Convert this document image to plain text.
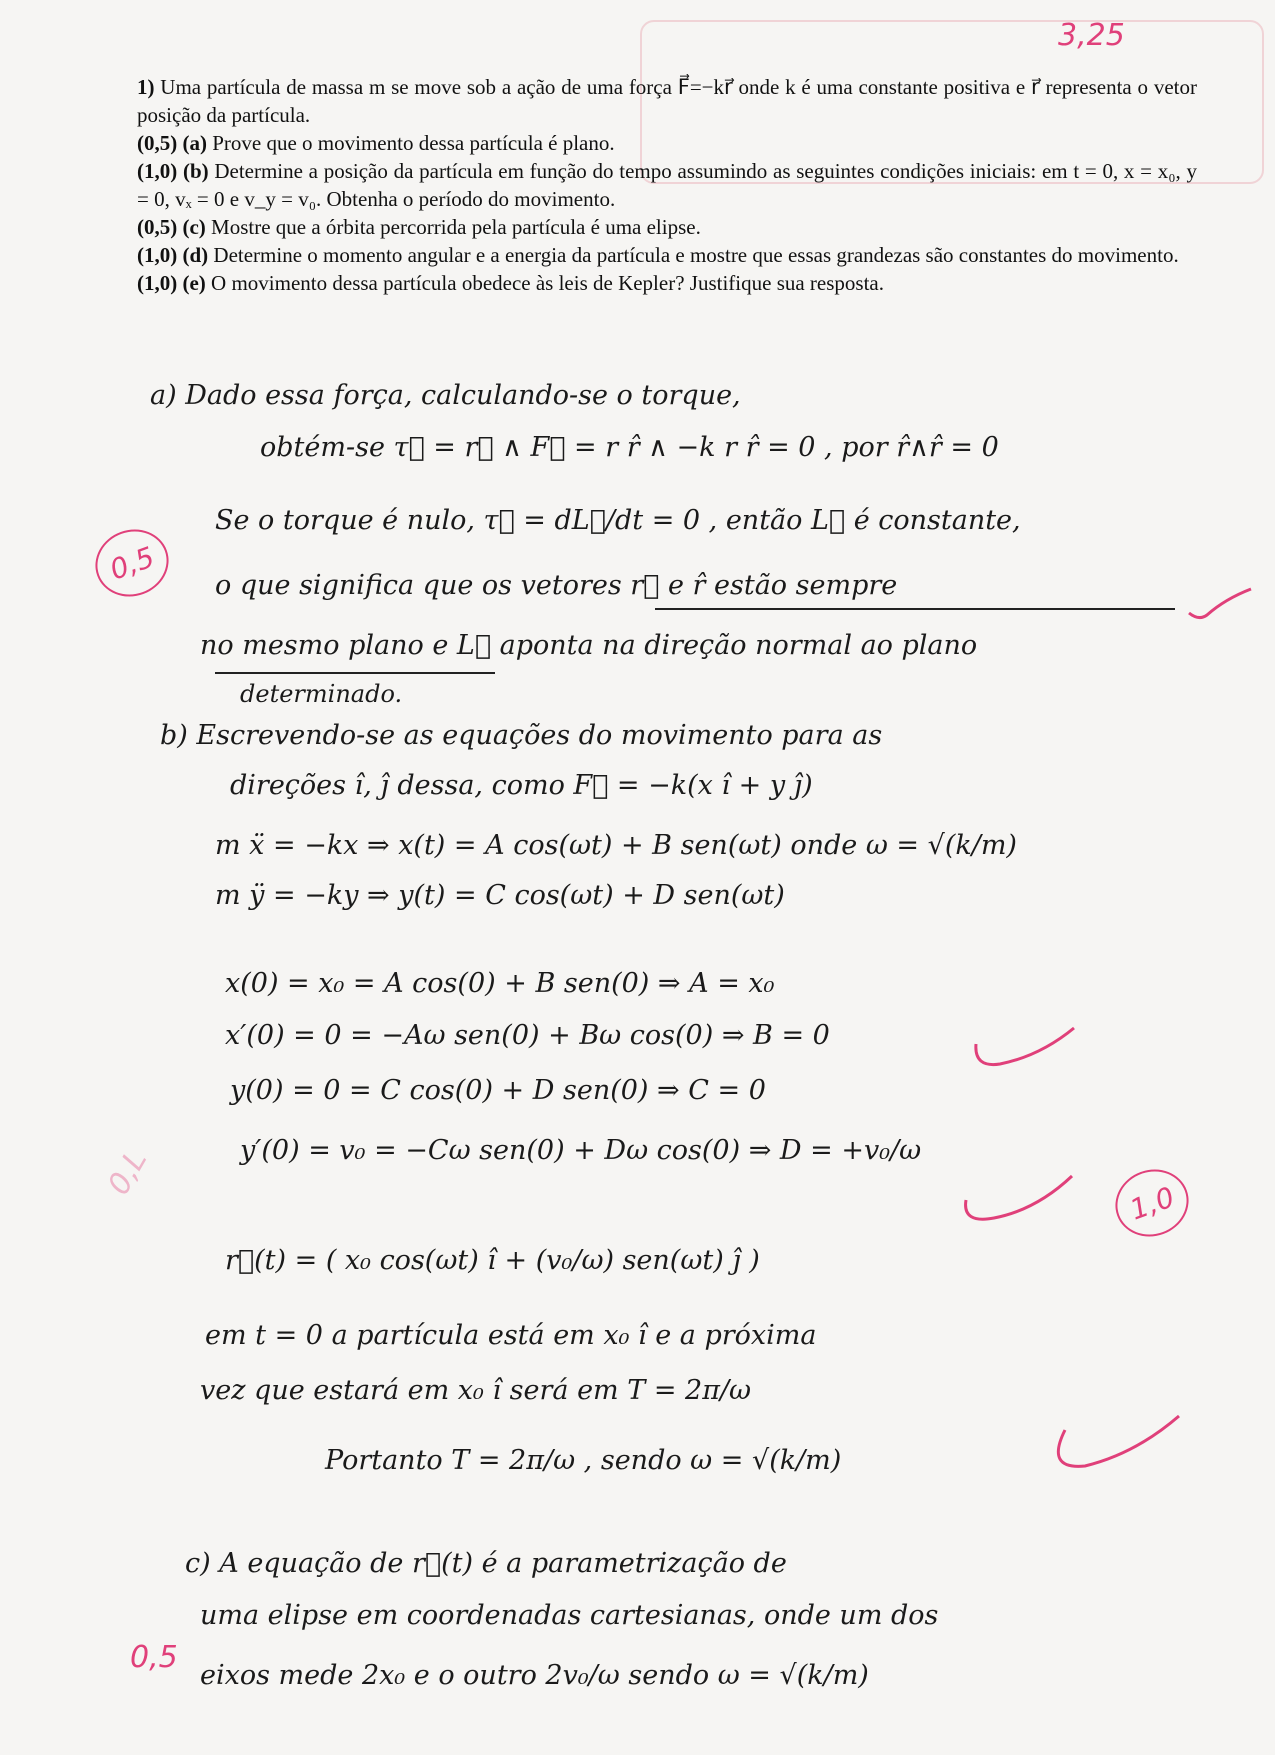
3,25

1) Uma partícula de massa m se move sob a ação de uma força F⃗=−kr⃗ onde k é uma constante positiva e r⃗ representa o vetor posição da partícula.

(0,5) (a) Prove que o movimento dessa partícula é plano.

(1,0) (b) Determine a posição da partícula em função do tempo assumindo as seguintes condições iniciais: em t = 0, x = x₀, y = 0, vₓ = 0 e v_y = v₀. Obtenha o período do movimento.

(0,5) (c) Mostre que a órbita percorrida pela partícula é uma elipse.

(1,0) (d) Determine o momento angular e a energia da partícula e mostre que essas grandezas são constantes do movimento.

(1,0) (e) O movimento dessa partícula obedece às leis de Kepler? Justifique sua resposta.

a) Dado essa força, calculando-se o torque,
obtém-se τ⃗ = r⃗ ∧ F⃗ = r r̂ ∧ −k r r̂ = 0 , por r̂∧r̂ = 0
Se o torque é nulo, τ⃗ = dL⃗/dt = 0 , então L⃗ é constante,
o que significa que os vetores r⃗ e r̂ estão sempre
no mesmo plano e L⃗ aponta na direção normal ao plano
determinado.
0,5
b) Escrevendo-se as equações do movimento para as
direções î, ĵ dessa, como F⃗ = −k(x î + y ĵ)
m ẍ = −kx ⇒ x(t) = A cos(ωt) + B sen(ωt) onde ω = √(k/m)
m ÿ = −ky ⇒ y(t) = C cos(ωt) + D sen(ωt)
x(0) = x₀ = A cos(0) + B sen(0) ⇒ A = x₀
x′(0) = 0 = −Aω sen(0) + Bω cos(0) ⇒ B = 0
y(0) = 0 = C cos(0) + D sen(0) ⇒ C = 0
y′(0) = v₀ = −Cω sen(0) + Dω cos(0) ⇒ D = +v₀/ω
r⃗(t) = ( x₀ cos(ωt) î + (v₀/ω) sen(ωt) ĵ )
em t = 0 a partícula está em x₀ î e a próxima
vez que estará em x₀ î será em T = 2π/ω
Portanto T = 2π/ω , sendo ω = √(k/m)
0,L
1,0
c) A equação de r⃗(t) é a parametrização de
uma elipse em coordenadas cartesianas, onde um dos
eixos mede 2x₀ e o outro 2v₀/ω sendo ω = √(k/m)
0,5
